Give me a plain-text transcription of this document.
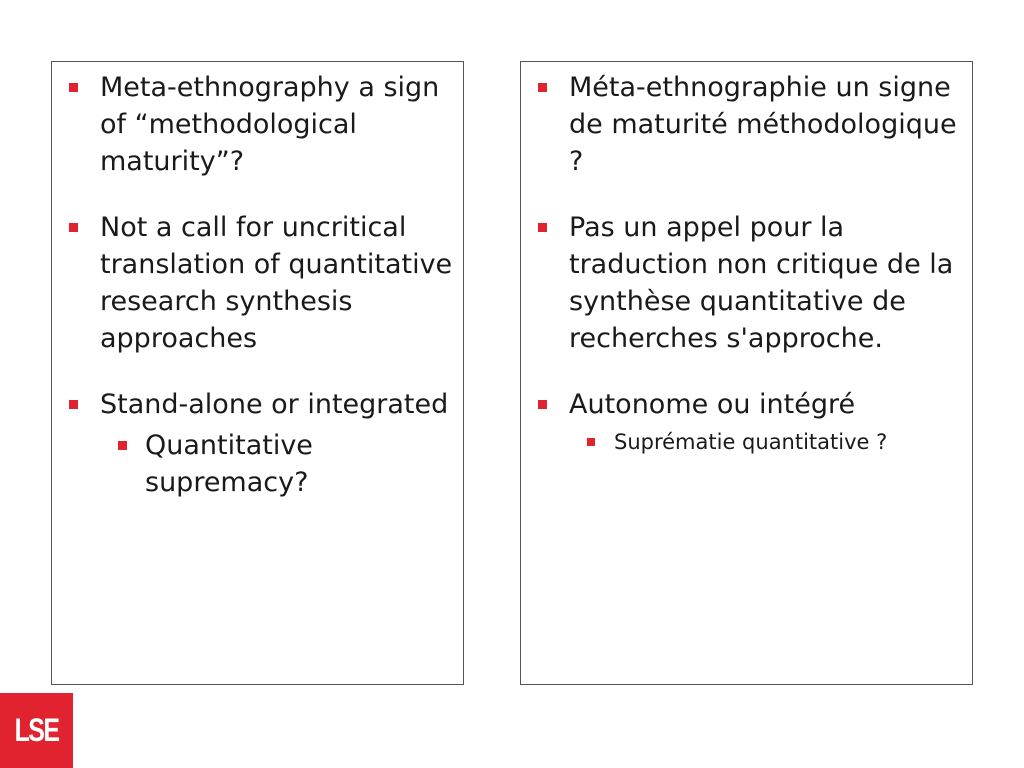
Meta-ethnography a sign of “methodological maturity”?
Not a call for uncritical translation of quantitative research synthesis approaches
Stand-alone or integrated
Quantitative supremacy?
Méta-ethnographie un signe de maturité méthodologique ?
Pas un appel pour la traduction non critique de la synthèse quantitative de recherches s'approche.
Autonome ou intégré
Suprématie quantitative ?
LSE
